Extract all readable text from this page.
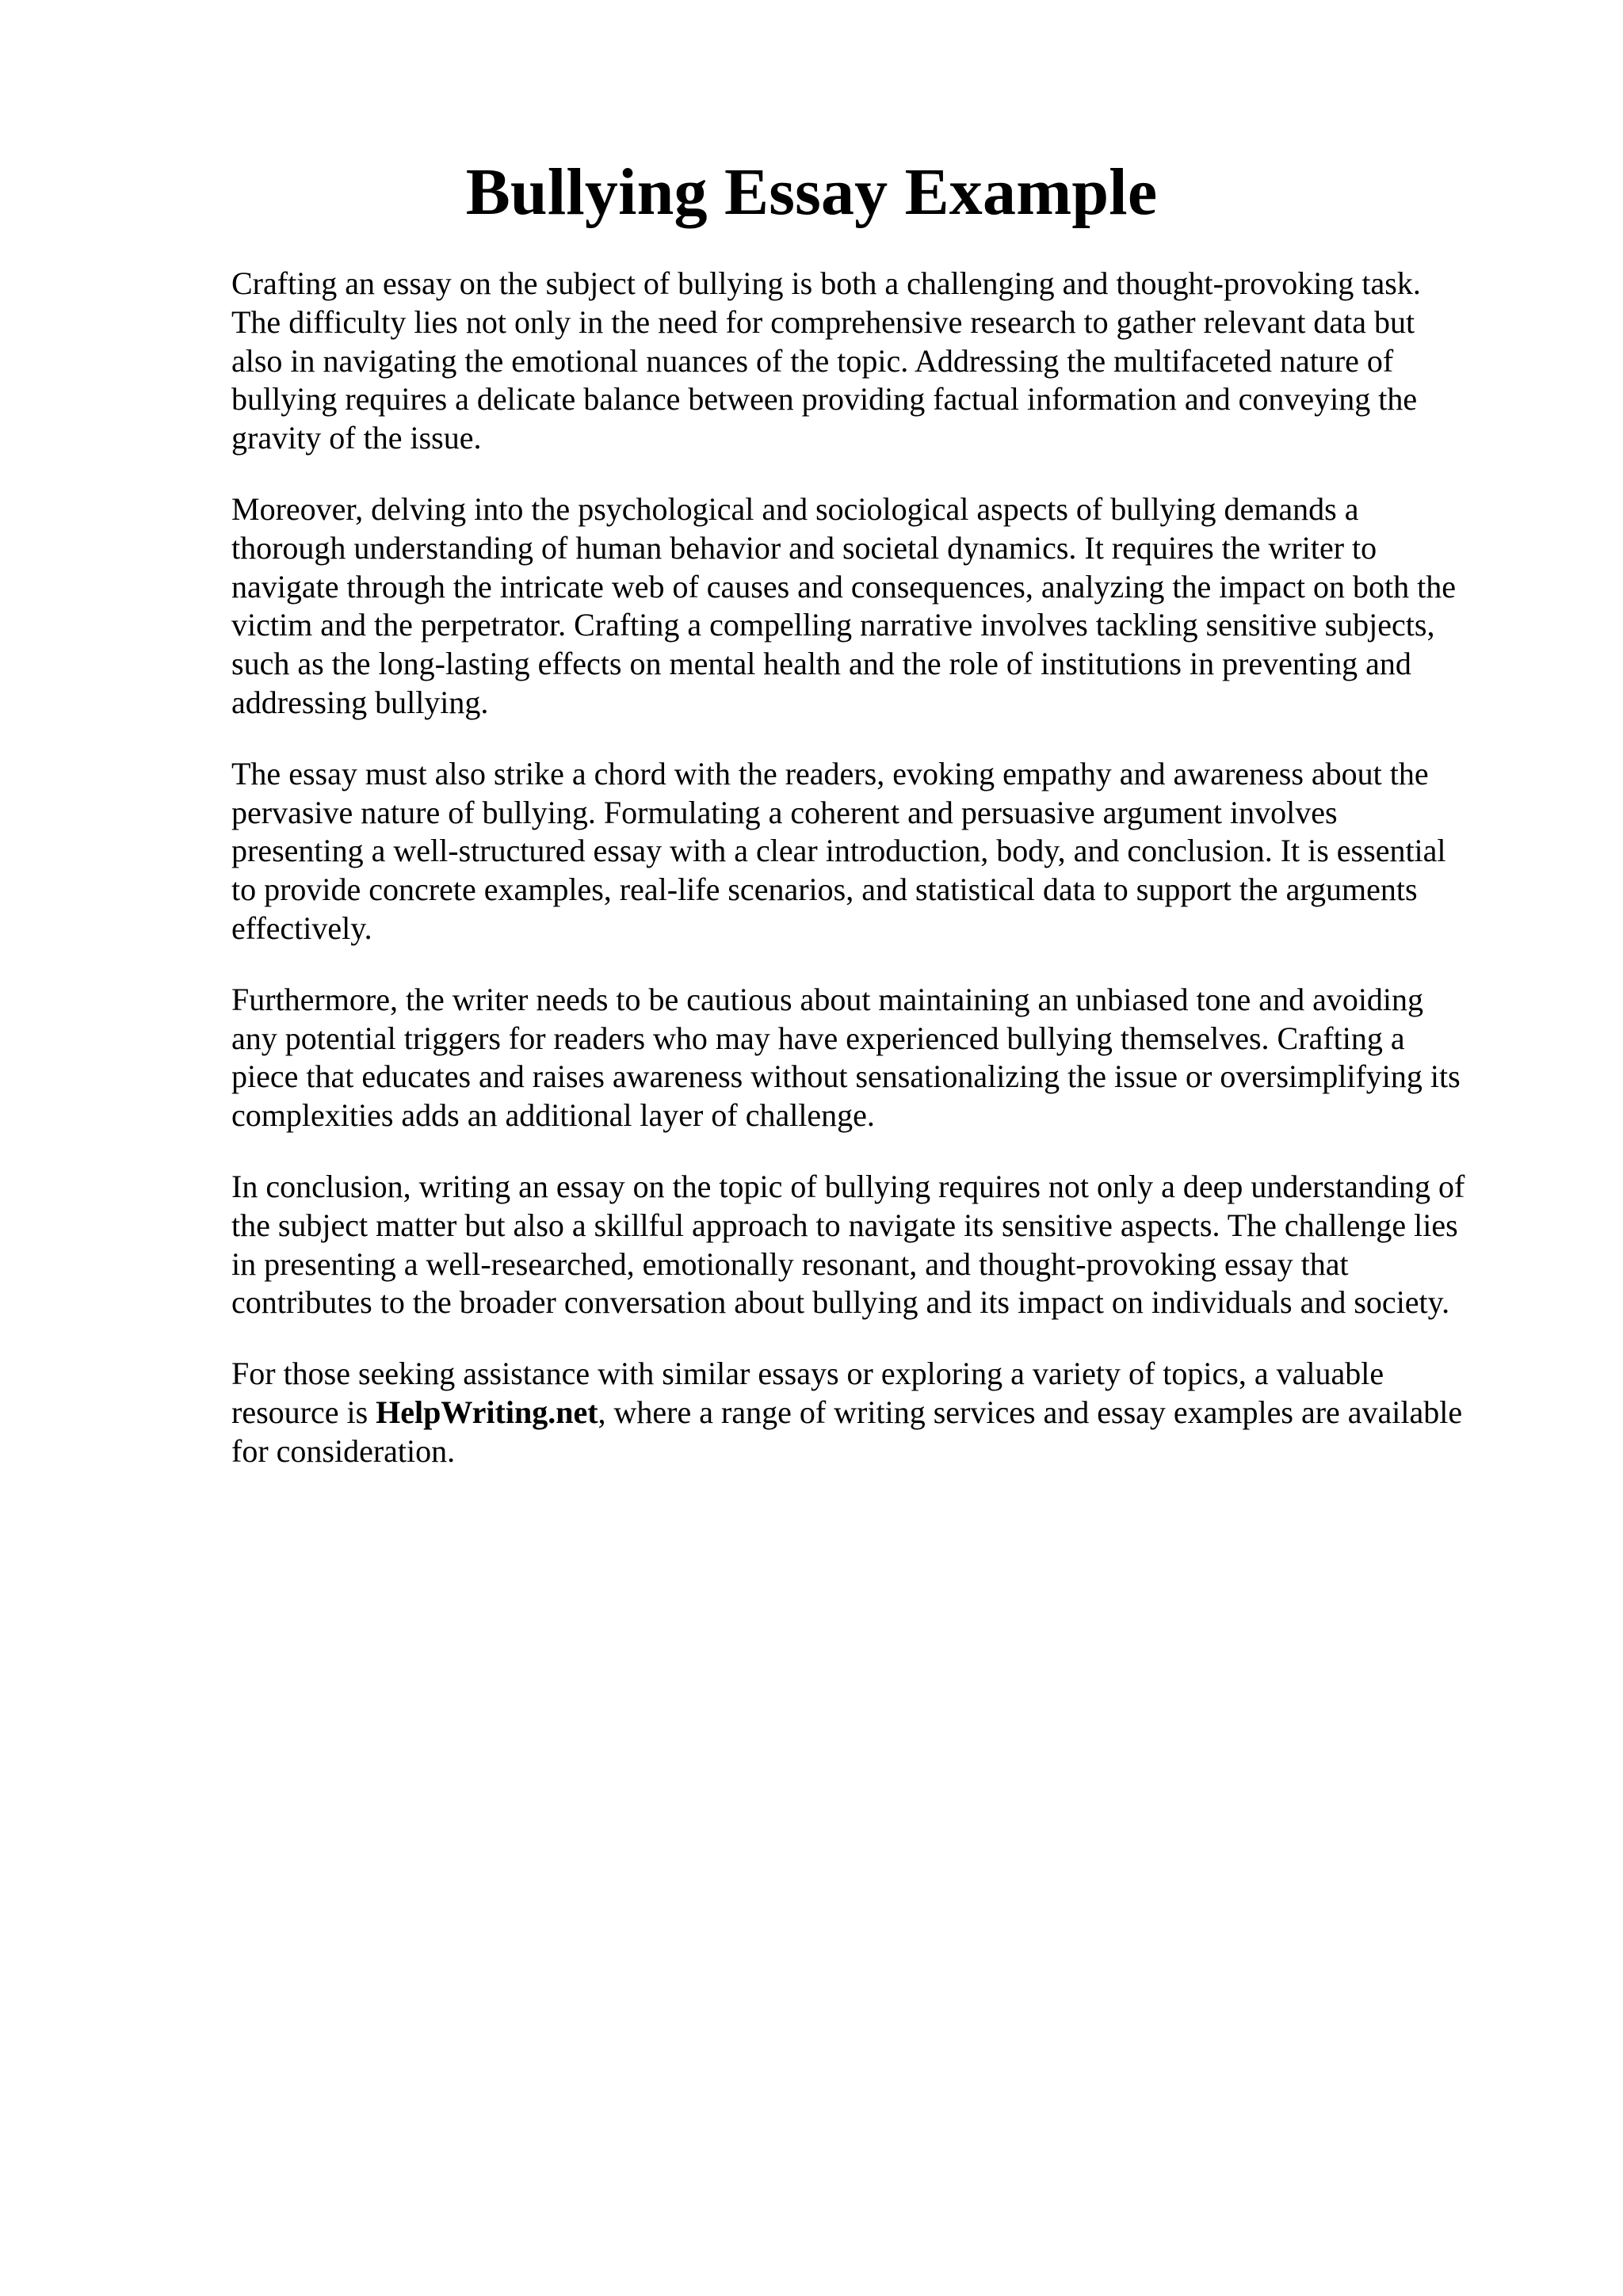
Bullying Essay Example

Crafting an essay on the subject of bullying is both a challenging and thought-provoking task.
The difficulty lies not only in the need for comprehensive research to gather relevant data but
also in navigating the emotional nuances of the topic. Addressing the multifaceted nature of
bullying requires a delicate balance between providing factual information and conveying the
gravity of the issue.

Moreover, delving into the psychological and sociological aspects of bullying demands a
thorough understanding of human behavior and societal dynamics. It requires the writer to
navigate through the intricate web of causes and consequences, analyzing the impact on both the
victim and the perpetrator. Crafting a compelling narrative involves tackling sensitive subjects,
such as the long-lasting effects on mental health and the role of institutions in preventing and
addressing bullying.

The essay must also strike a chord with the readers, evoking empathy and awareness about the
pervasive nature of bullying. Formulating a coherent and persuasive argument involves
presenting a well-structured essay with a clear introduction, body, and conclusion. It is essential
to provide concrete examples, real-life scenarios, and statistical data to support the arguments
effectively.

Furthermore, the writer needs to be cautious about maintaining an unbiased tone and avoiding
any potential triggers for readers who may have experienced bullying themselves. Crafting a
piece that educates and raises awareness without sensationalizing the issue or oversimplifying its
complexities adds an additional layer of challenge.

In conclusion, writing an essay on the topic of bullying requires not only a deep understanding of
the subject matter but also a skillful approach to navigate its sensitive aspects. The challenge lies
in presenting a well-researched, emotionally resonant, and thought-provoking essay that
contributes to the broader conversation about bullying and its impact on individuals and society.

For those seeking assistance with similar essays or exploring a variety of topics, a valuable
resource is HelpWriting.net, where a range of writing services and essay examples are available
for consideration.
